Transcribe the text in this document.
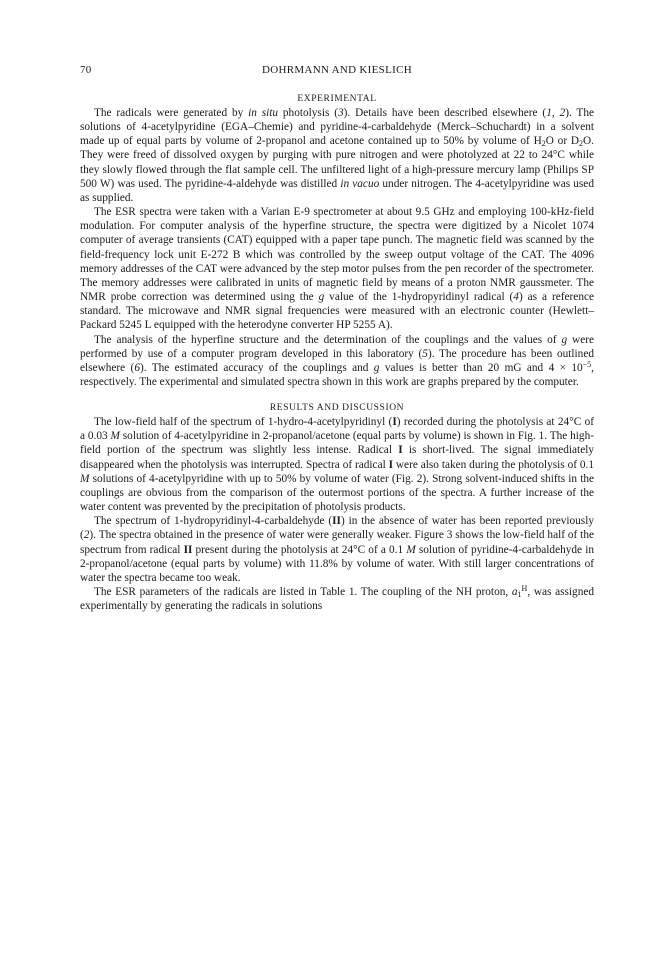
70	DOHRMANN AND KIESLICH
EXPERIMENTAL

The radicals were generated by in situ photolysis (3). Details have been described elsewhere (1, 2). The solutions of 4-acetylpyridine (EGA–Chemie) and pyridine-4-carbaldehyde (Merck–Schuchardt) in a solvent made up of equal parts by volume of 2-propanol and acetone contained up to 50% by volume of $H_2O$ or $D_2O$. They were freed of dissolved oxygen by purging with pure nitrogen and were photolyzed at 22 to 24°C while they slowly flowed through the flat sample cell. The unfiltered light of a high-pressure mercury lamp (Philips SP 500 W) was used. The pyridine-4-aldehyde was distilled in vacuo under nitrogen. The 4-acetylpyridine was used as supplied.

The ESR spectra were taken with a Varian E-9 spectrometer at about 9.5 GHz and employing 100-kHz-field modulation. For computer analysis of the hyperfine structure, the spectra were digitized by a Nicolet 1074 computer of average transients (CAT) equipped with a paper tape punch. The magnetic field was scanned by the field-frequency lock unit E-272 B which was controlled by the sweep output voltage of the CAT. The 4096 memory addresses of the CAT were advanced by the step motor pulses from the pen recorder of the spectrometer. The memory addresses were calibrated in units of magnetic field by means of a proton NMR gaussmeter. The NMR probe correction was determined using the g value of the 1-hydropyridinyl radical (4) as a reference standard. The microwave and NMR signal frequencies were measured with an electronic counter (Hewlett–Packard 5245 L equipped with the heterodyne converter HP 5255 A).

The analysis of the hyperfine structure and the determination of the couplings and the values of g were performed by use of a computer program developed in this laboratory (5). The procedure has been outlined elsewhere (6). The estimated accuracy of the couplings and g values is better than 20 mG and $4 \times 10^{-5}$, respectively. The experimental and simulated spectra shown in this work are graphs prepared by the computer.

RESULTS AND DISCUSSION

The low-field half of the spectrum of 1-hydro-4-acetylpyridinyl (I) recorded during the photolysis at 24°C of a 0.03 M solution of 4-acetylpyridine in 2-propanol/acetone (equal parts by volume) is shown in Fig. 1. The high-field portion of the spectrum was slightly less intense. Radical I is short-lived. The signal immediately disappeared when the photolysis was interrupted. Spectra of radical I were also taken during the photolysis of 0.1 M solutions of 4-acetylpyridine with up to 50% by volume of water (Fig. 2). Strong solvent-induced shifts in the couplings are obvious from the comparison of the outermost portions of the spectra. A further increase of the water content was prevented by the precipitation of photolysis products.

The spectrum of 1-hydropyridinyl-4-carbaldehyde (II) in the absence of water has been reported previously (2). The spectra obtained in the presence of water were generally weaker. Figure 3 shows the low-field half of the spectrum from radical II present during the photolysis at 24°C of a 0.1 M solution of pyridine-4-carbaldehyde in 2-propanol/acetone (equal parts by volume) with 11.8% by volume of water. With still larger concentrations of water the spectra became too weak.

The ESR parameters of the radicals are listed in Table 1. The coupling of the NH proton, $a_1^H$, was assigned experimentally by generating the radicals in solutions
